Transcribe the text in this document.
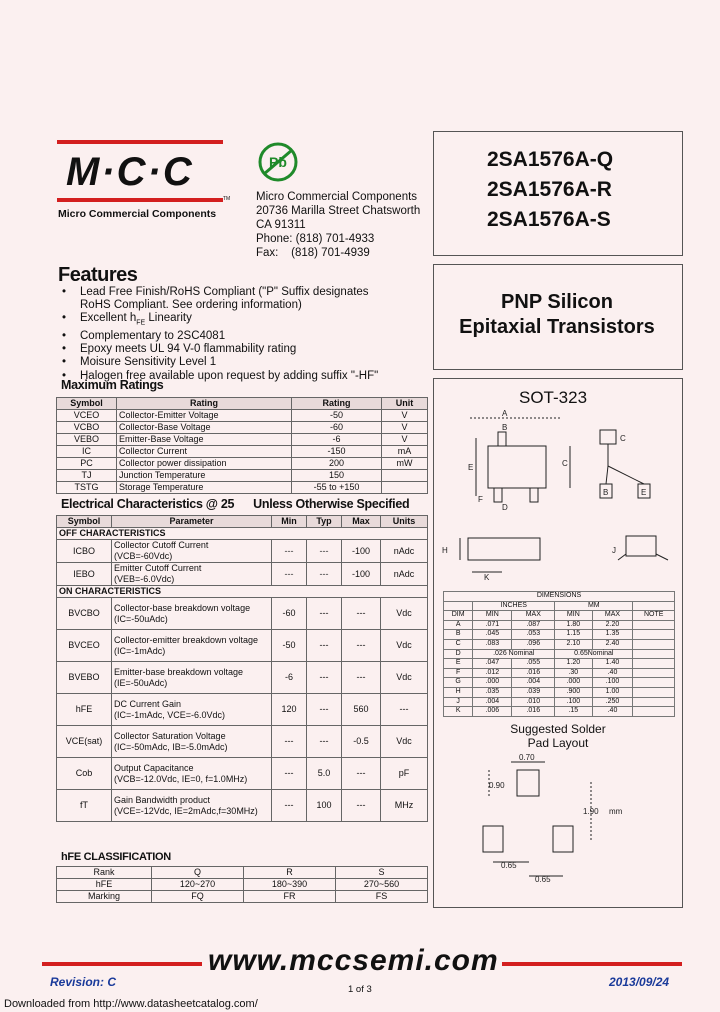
M·C·C
TM
Micro Commercial Components
Pb
Micro Commercial Components
20736 Marilla Street Chatsworth
CA 91311
Phone: (818) 701-4933
Fax:    (818) 701-4939
2SA1576A-Q
2SA1576A-R
2SA1576A-S
PNP Silicon
Epitaxial Transistors
SOT-323
Features
• Lead Free Finish/RoHS Compliant ("P" Suffix designates RoHS Compliant. See ordering information)
• Excellent $h_{FE}$ Linearity
• Complementary to 2SC4081
• Epoxy meets UL 94 V-0 flammability rating
• Moisure Sensitivity Level 1
• Halogen free available upon request by adding suffix "-HF"
Maximum Ratings
Symbol	Rating	Rating	Unit
VCEO	Collector-Emitter Voltage	-50	V
VCBO	Collector-Base Voltage	-60	V
VEBO	Emitter-Base Voltage	-6	V
IC	Collector Current	-150	mA
PC	Collector power dissipation	200	mW
TJ	Junction Temperature	150	
TSTG	Storage Temperature	-55 to +150	
Electrical Characteristics @ 25      Unless Otherwise Specified
Symbol	Parameter	Min	Typ	Max	Units
OFF CHARACTERISTICS					
ICBO	Collector Cutoff Current
(VCB=-60Vdc)	---	---	-100	nAdc
IEBO	Emitter Cutoff Current
(VEB=-6.0Vdc)	---	---	-100	nAdc
ON CHARACTERISTICS					
BVCBO	Collector-base breakdown voltage
(IC=-50uAdc)	-60	---	---	Vdc
BVCEO	Collector-emitter breakdown voltage
(IC=-1mAdc)	-50	---	---	Vdc
BVEBO	Emitter-base breakdown voltage
(IE=-50uAdc)	-6	---	---	Vdc
hFE	DC Current Gain
(IC=-1mAdc, VCE=-6.0Vdc)	120	---	560	---
VCE(sat)	Collector Saturation Voltage
(IC=-50mAdc, IB=-5.0mAdc)	---	---	-0.5	Vdc
Cob	Output Capacitance
(VCB=-12.0Vdc, IE=0, f=1.0MHz)	---	5.0	---	pF
fT	Gain Bandwidth product
(VCE=-12Vdc, IE=2mAdc,f=30MHz)	---	100	---	MHz
hFE CLASSIFICATION
Rank	Q	R	S
hFE	120~270	180~390	270~560
Marking	FQ	FR	FS
A
B
C
D
E
F
H	J
K
C
B	E
DIMENSIONS					
	INCHES		MM		
DIM	MIN	MAX	MIN	MAX	NOTE
A	.071	.087	1.80	2.20	
B	.045	.053	1.15	1.35	
C	.083	.096	2.10	2.40	
D	.026 Nominal		0.65Nominal		
E	.047	.055	1.20	1.40	
F	.012	.016	.30	.40	
G	.000	.004	.000	.100	
H	.035	.039	.900	1.00	
J	.004	.010	.100	.250	
K	.006	.016	.15	.40	
Suggested Solder
Pad Layout
0.70
0.90
1.90 mm
0.65
0.65
www.mccsemi.com
Revision: C
1 of 3
2013/09/24
Downloaded from http://www.datasheetcatalog.com/
